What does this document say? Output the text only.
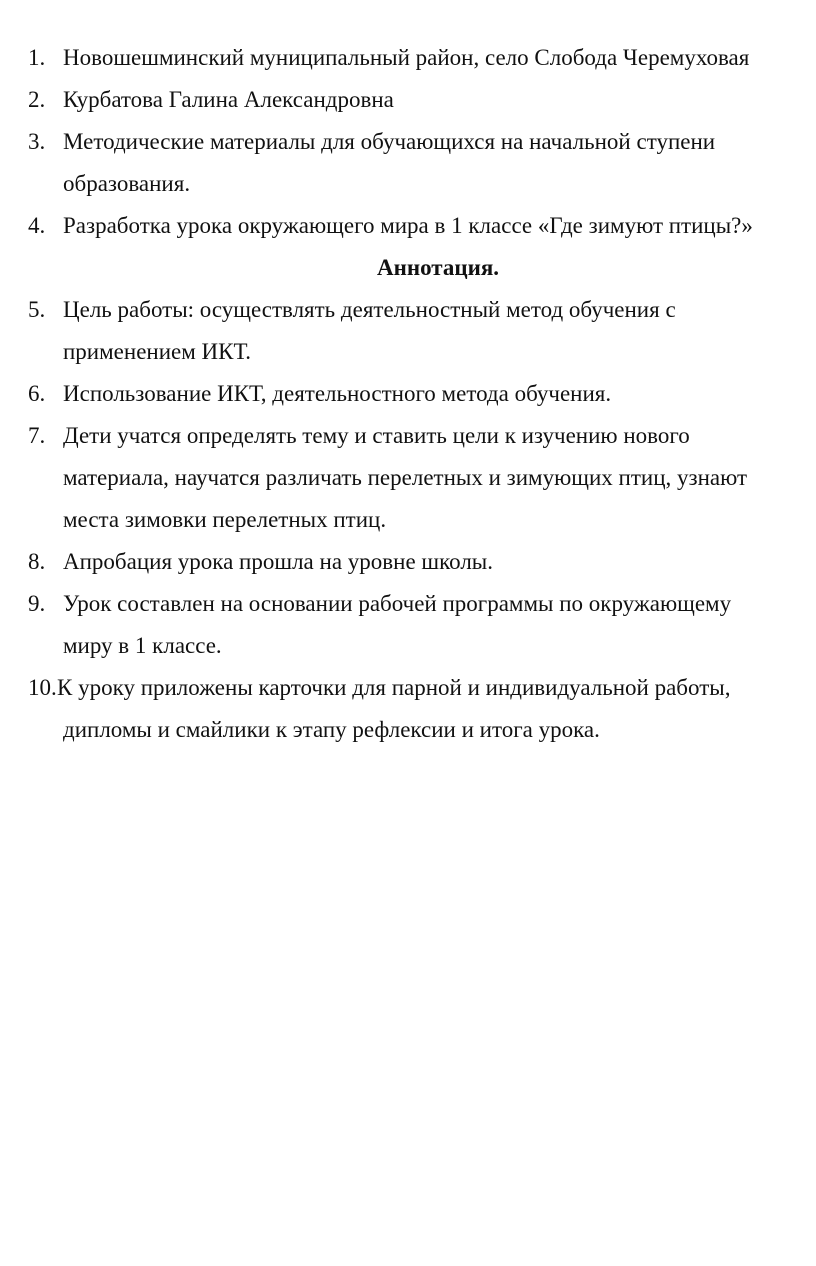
1. Новошешминский муниципальный район, село Слобода Черемуховая
2. Курбатова Галина Александровна
3. Методические материалы для обучающихся на начальной ступени
образования.
4. Разработка урока окружающего мира в 1 классе «Где зимуют птицы?»
Аннотация.
5. Цель работы: осуществлять деятельностный метод обучения с
применением ИКТ.
6. Использование ИКТ, деятельностного метода обучения.
7. Дети учатся определять тему и ставить цели к изучению нового
материала, научатся различать перелетных и зимующих птиц, узнают
места зимовки перелетных птиц.
8. Апробация урока прошла на уровне школы.
9. Урок составлен на основании рабочей программы по окружающему
миру в 1 классе.
10. К уроку приложены карточки для парной и индивидуальной работы,
дипломы и смайлики к этапу рефлексии и итога урока.
